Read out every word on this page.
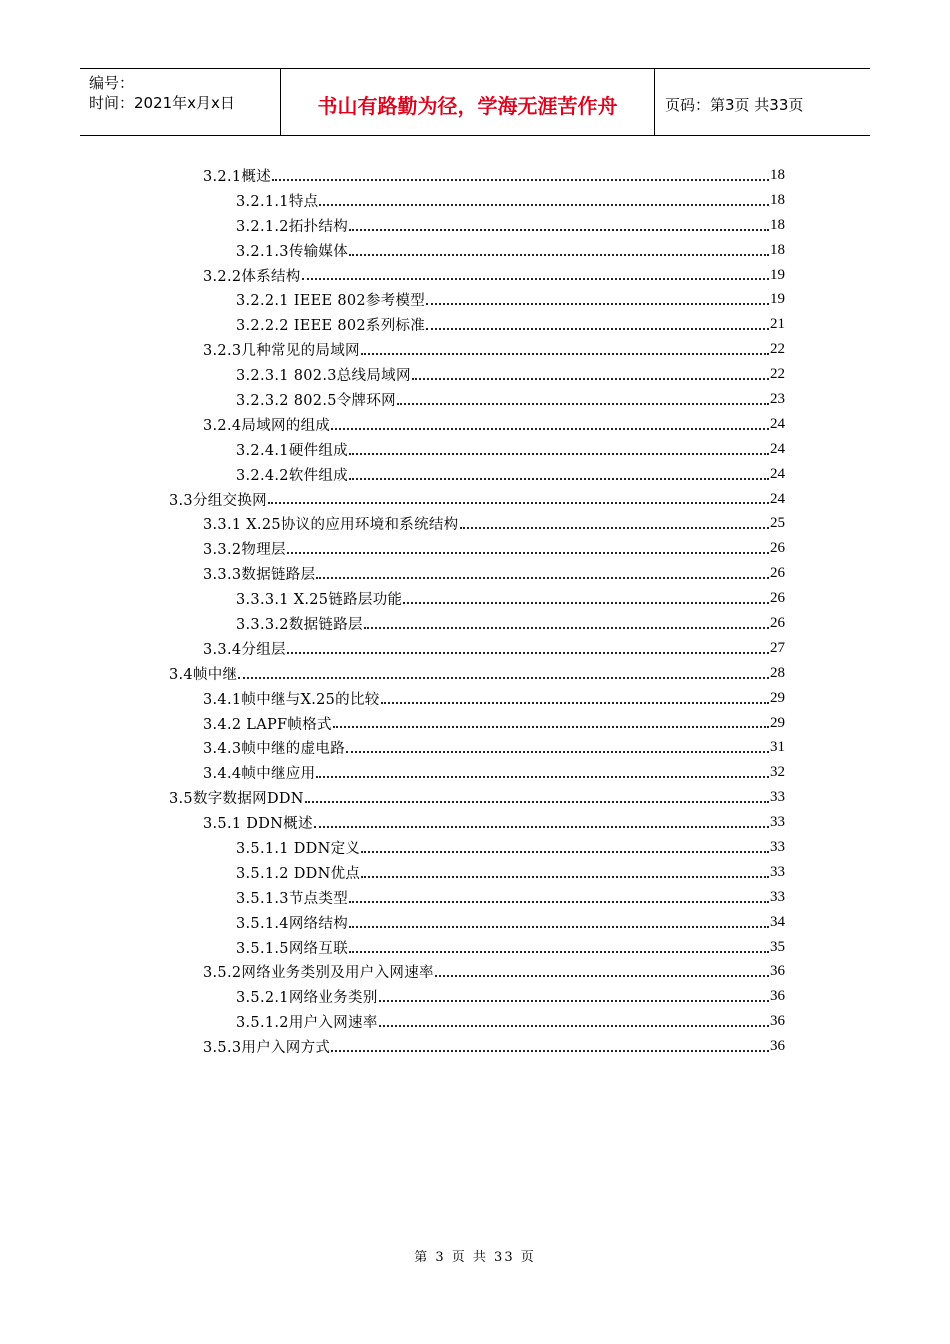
编号：
时间：2021年x月x日	书山有路勤为径，学海无涯苦作舟	页码：第3页 共33页
3.2.1概述	18
3.2.1.1特点	18
3.2.1.2拓扑结构	18
3.2.1.3传输媒体	18
3.2.2体系结构	19
3.2.2.1 IEEE 802参考模型	19
3.2.2.2 IEEE 802系列标准	21
3.2.3几种常见的局域网	22
3.2.3.1 802.3总线局域网	22
3.2.3.2 802.5令牌环网	23
3.2.4局域网的组成	24
3.2.4.1硬件组成	24
3.2.4.2软件组成	24
3.3分组交换网	24
3.3.1 X.25协议的应用环境和系统结构	25
3.3.2物理层	26
3.3.3数据链路层	26
3.3.3.1 X.25链路层功能	26
3.3.3.2数据链路层	26
3.3.4分组层	27
3.4帧中继	28
3.4.1帧中继与X.25的比较	29
3.4.2 LAPF帧格式	29
3.4.3帧中继的虚电路	31
3.4.4帧中继应用	32
3.5数字数据网DDN	33
3.5.1 DDN概述	33
3.5.1.1 DDN定义	33
3.5.1.2 DDN优点	33
3.5.1.3节点类型	33
3.5.1.4网络结构	34
3.5.1.5网络互联	35
3.5.2网络业务类别及用户入网速率	36
3.5.2.1网络业务类别	36
3.5.1.2用户入网速率	36
3.5.3用户入网方式	36
第 3 页 共 33 页
